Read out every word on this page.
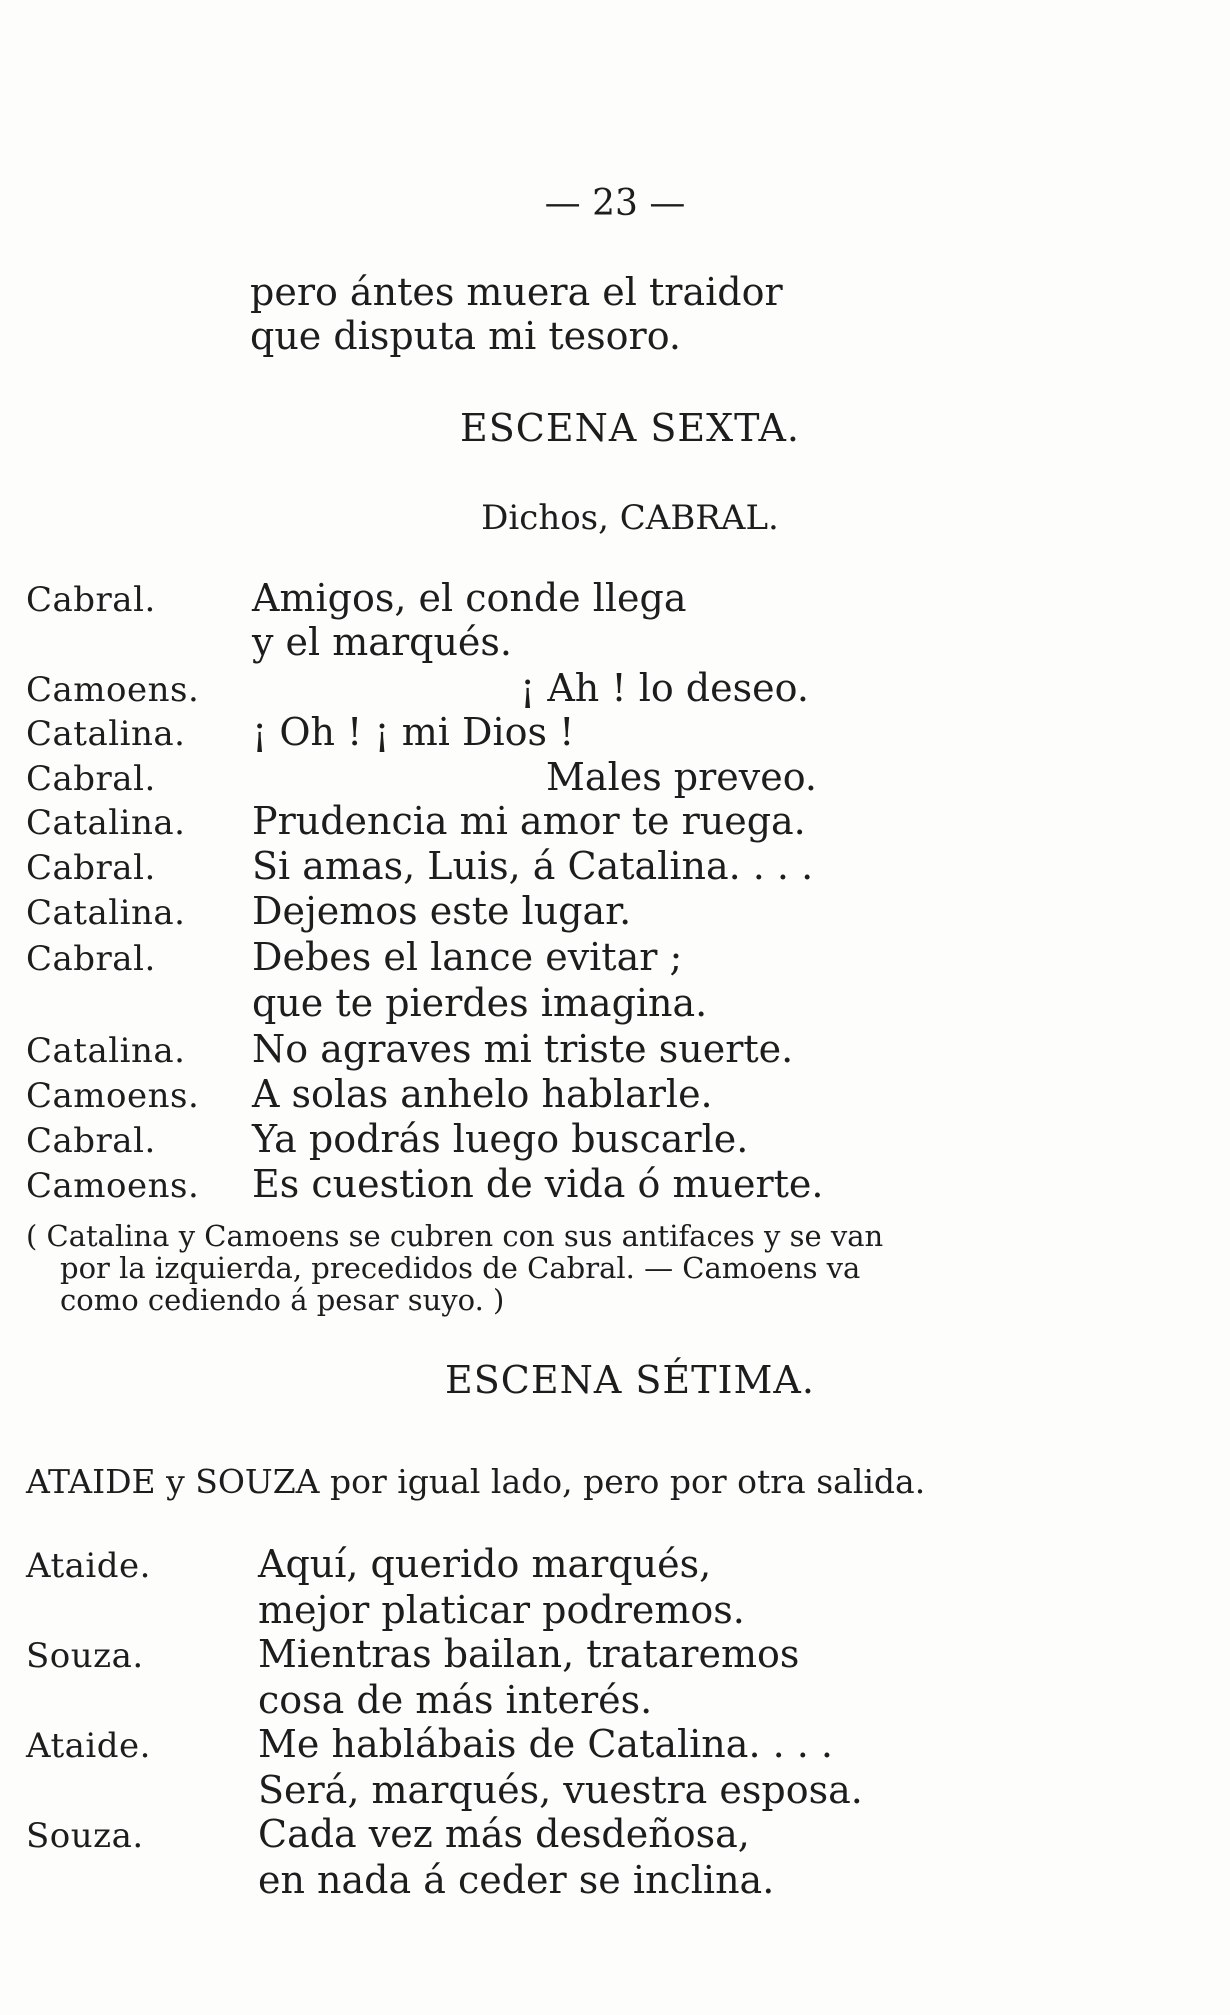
— 23 —
pero ántes muera el traidor
que disputa mi tesoro.
ESCENA SEXTA.
Dichos, CABRAL.
Cabral.	Amigos, el conde llega
y el marqués.
Camoens.	¡ Ah ! lo deseo.
Catalina. ¡ Oh ! ¡ mi Dios !
Cabral.	Males preveo.
Catalina. Prudencia mi amor te ruega.
Cabral.	Si amas, Luis, á Catalina. . . .
Catalina. Dejemos este lugar.
Cabral.	Debes el lance evitar ;
que te pierdes imagina.
Catalina. No agraves mi triste suerte.
Camoens. A solas anhelo hablarle.
Cabral.	Ya podrás luego buscarle.
Camoens. Es cuestion de vida ó muerte.
( Catalina y Camoens se cubren con sus antifaces y se van
por la izquierda, precedidos de Cabral. — Camoens va
como cediendo á pesar suyo. )
ESCENA SÉTIMA.
ATAIDE y SOUZA por igual lado, pero por otra salida.
Ataide.	Aquí, querido marqués,
mejor platicar podremos.
Souza.	Mientras bailan, trataremos
cosa de más interés.
Ataide.	Me hablábais de Catalina. . . .
Será, marqués, vuestra esposa.
Souza.	Cada vez más desdeñosa,
en nada á ceder se inclina.
